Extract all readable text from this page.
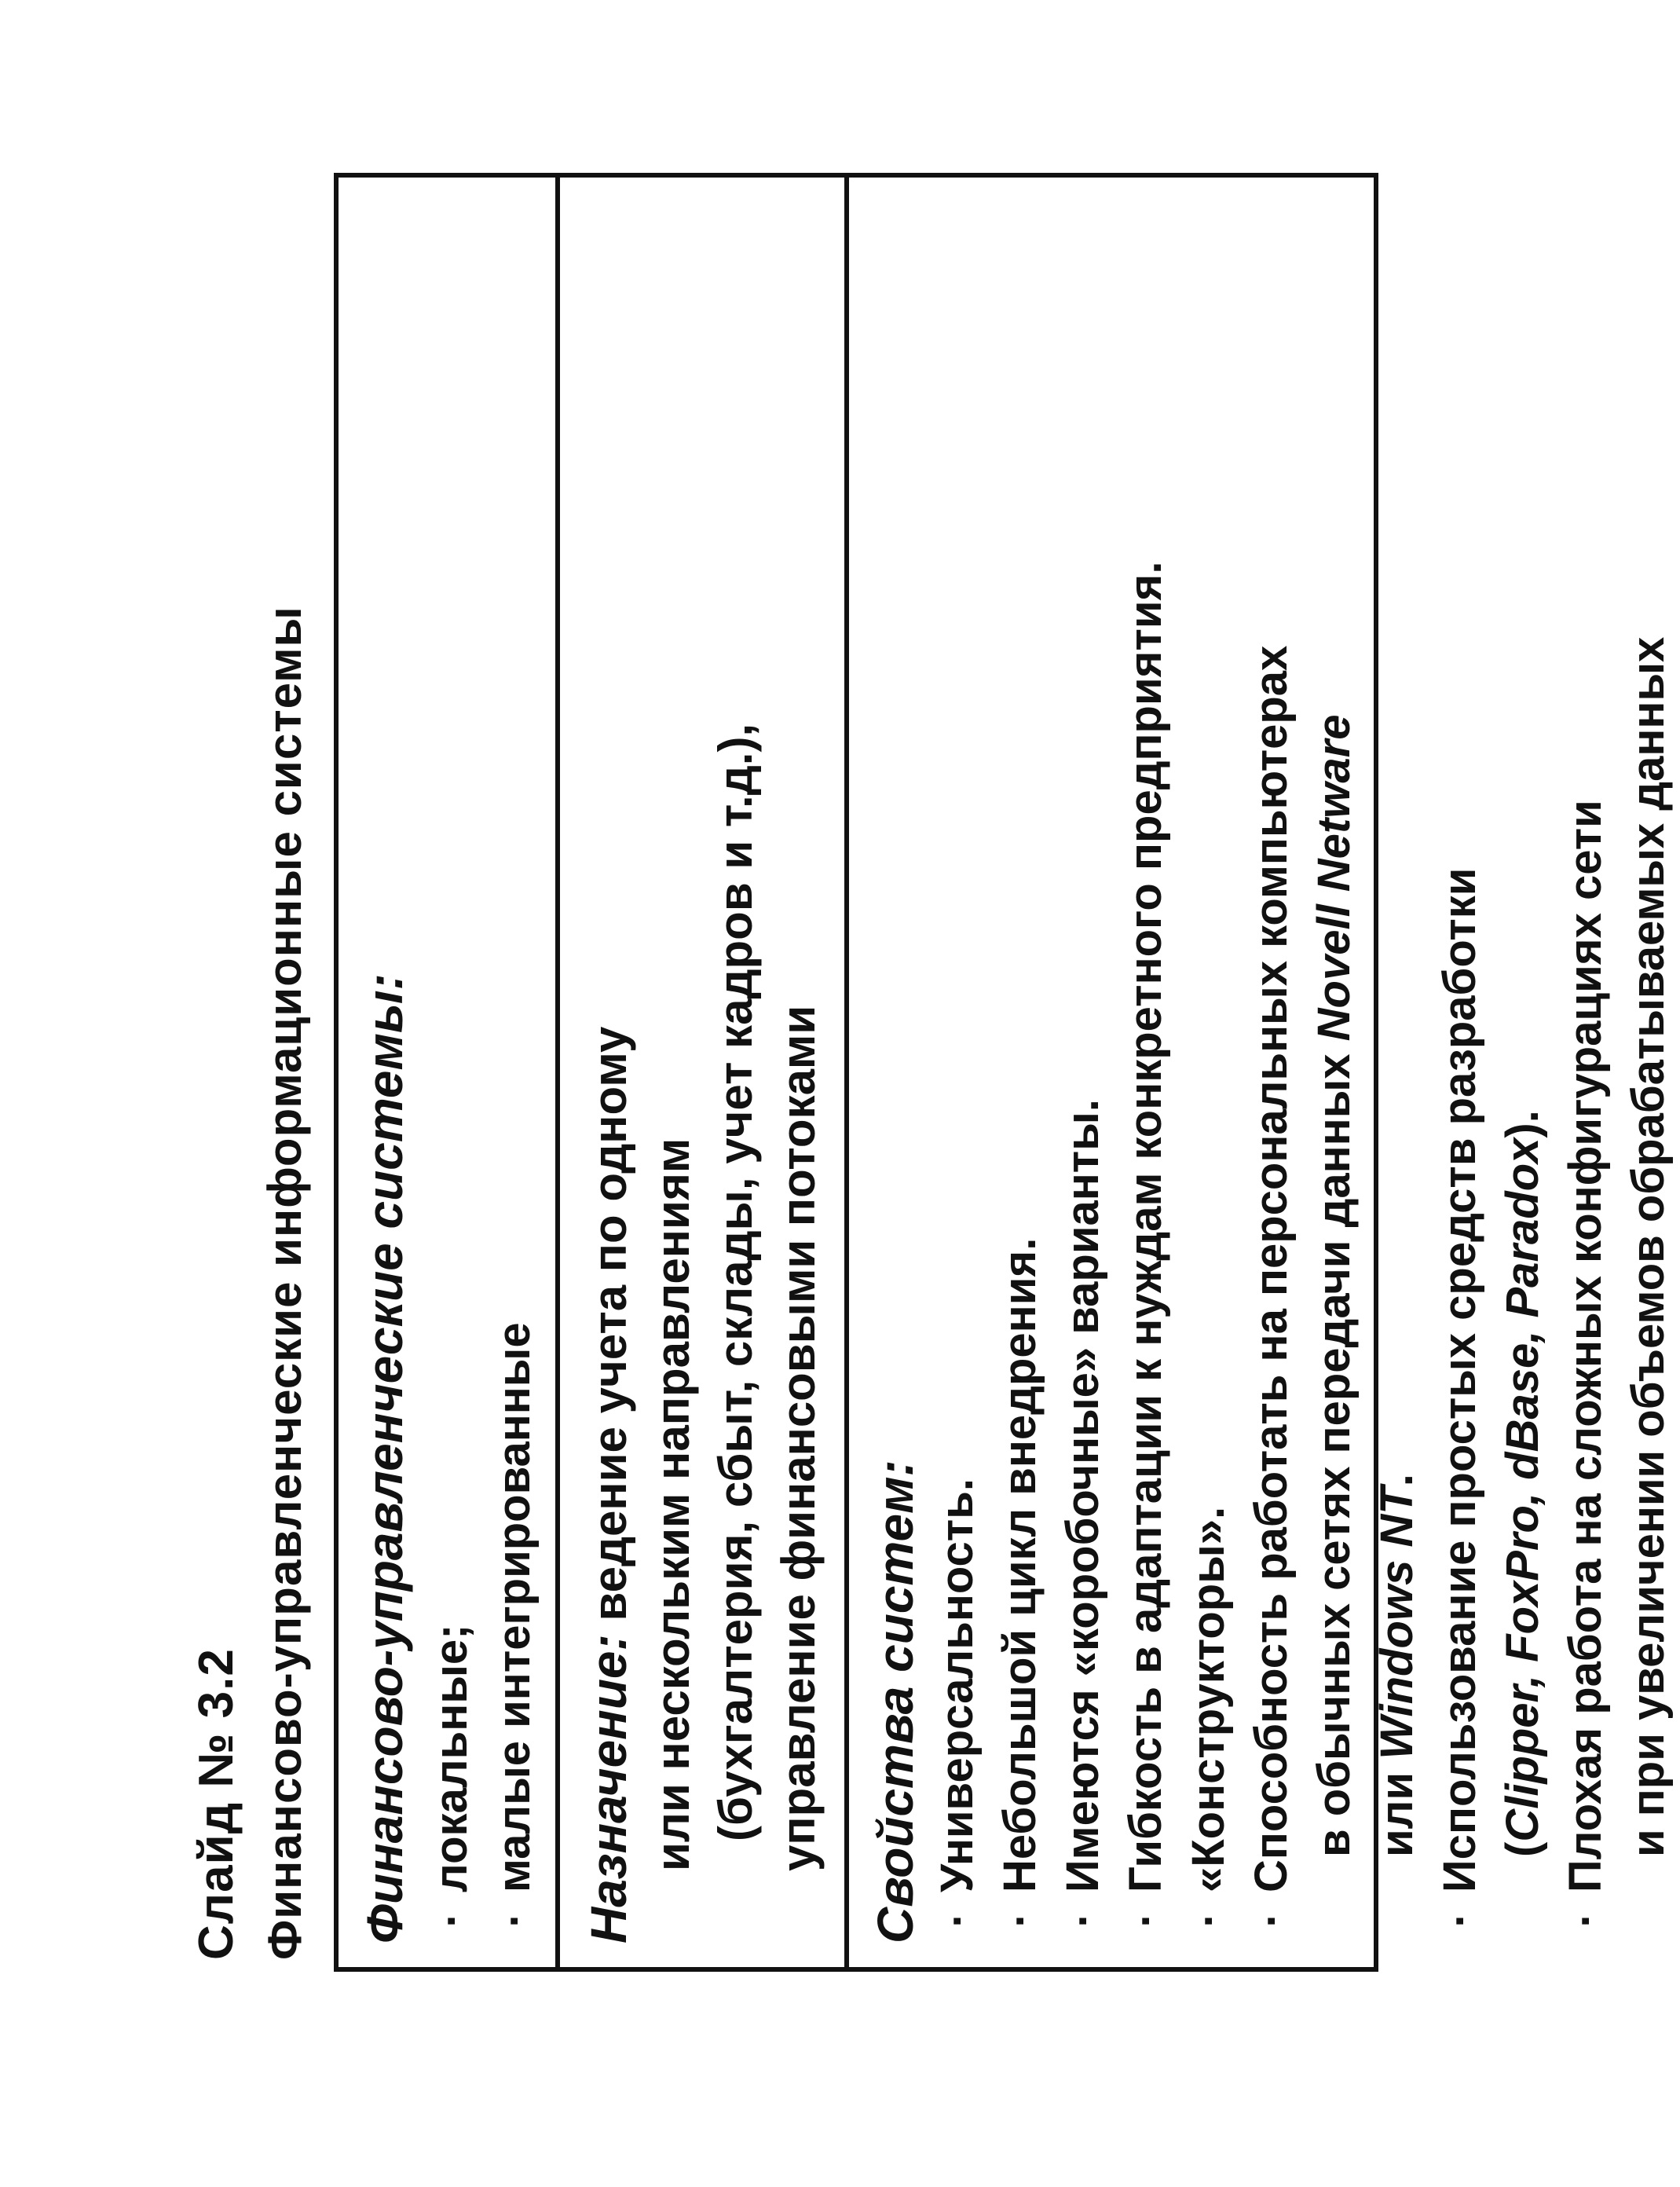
Слайд № 3.2 Финансово-управленческие информационные системы Финансово-управленческие системы: ·
локальные;
·
малые интегрированные Назначение: ведение учета по одному или нескольким направлениям (бухгалтерия, сбыт, склады, учет кадров и т.д.), управление финансовыми потоками Свойства систем: ·
Универсальность.
·
Небольшой цикл внедрения.
·
Имеются «коробочные» варианты.
·
Гибкость в адаптации к нуждам конкретного предприятия.
·
«Конструкторы».
·
Способность работать на персональных компьютерах в обычных сетях передачи данных Novell Netware
или Windows NT.
·
Использование простых средств разработки (Clipper, FoxPro, dBase, Paradox).
·
Плохая работа на сложных конфигурациях сети и при увеличении объемов обрабатываемых данных
